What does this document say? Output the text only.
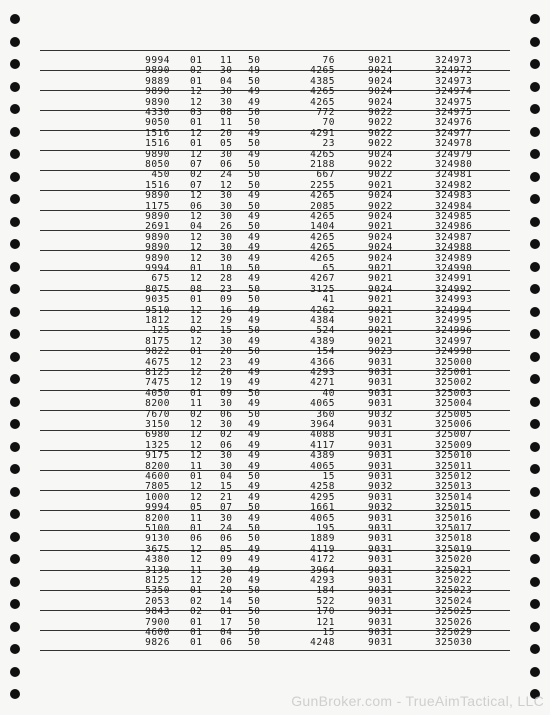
9994 01 11 50	76	9021	324973
9890 02 30 49	4265	9024	324972
9889 01 04 50	4385	9024	324973
9890 12 30 49	4265	9024	324974
9890 12 30 49	4265	9024	324975
4330 03 08 50	772	9022	324975
9050 01 11 50	70	9022	324976
1516 12 20 49	4291	9022	324977
1516 01 05 50	23	9022	324978
9890 12 30 49	4265	9024	324979
8050 07 06 50	2188	9022	324980
450 02 24 50	667	9022	324981
1516 07 12 50	2255	9021	324982
9890 12 30 49	4265	9024	324983
1175 06 30 50	2085	9022	324984
9890 12 30 49	4265	9024	324985
2691 04 26 50	1404	9021	324986
9890 12 30 49	4265	9024	324987
9890 12 30 49	4265	9024	324988
9890 12 30 49	4265	9024	324989
9994 01 10 50	65	9021	324990
675 12 28 49	4267	9021	324991
8075 08 23 50	3125	9024	324992
9035 01 09 50	41	9021	324993
9510 12 16 49	4262	9021	324994
1812 12 29 49	4384	9021	324995
125 02 15 50	524	9021	324996
8175 12 30 49	4389	9021	324997
9822 01 20 50	154	9023	324998
4675 12 23 49	4366	9031	325000
8125 12 20 49	4293	9031	325001
7475 12 19 49	4271	9031	325002
4050 01 09 50	40	9031	325003
8200 11 30 49	4065	9031	325004
7670 02 06 50	360	9032	325005
3150 12 30 49	3964	9031	325006
6980 12 02 49	4088	9031	325007
1325 12 06 49	4117	9031	325009
9175 12 30 49	4389	9031	325010
8200 11 30 49	4065	9031	325011
4600 01 04 50	15	9031	325012
7805 12 15 49	4258	9032	325013
1000 12 21 49	4295	9031	325014
9994 05 07 50	1661	9032	325015
8200 11 30 49	4065	9031	325016
5100 01 24 50	195	9031	325017
9130 06 06 50	1889	9031	325018
3675 12 05 49	4119	9031	325019
4380 12 09 49	4172	9031	325020
3130 11 30 49	3964	9031	325021
8125 12 20 49	4293	9031	325022
5350 01 20 50	184	9031	325023
2053 02 14 50	522	9031	325024
9843 02 01 50	170	9031	325025
7900 01 17 50	121	9031	325026
4600 01 04 50	15	9031	325029
9826 01 06 50	4248	9031	325030
GunBroker.com - TrueAimTactical, LLC
